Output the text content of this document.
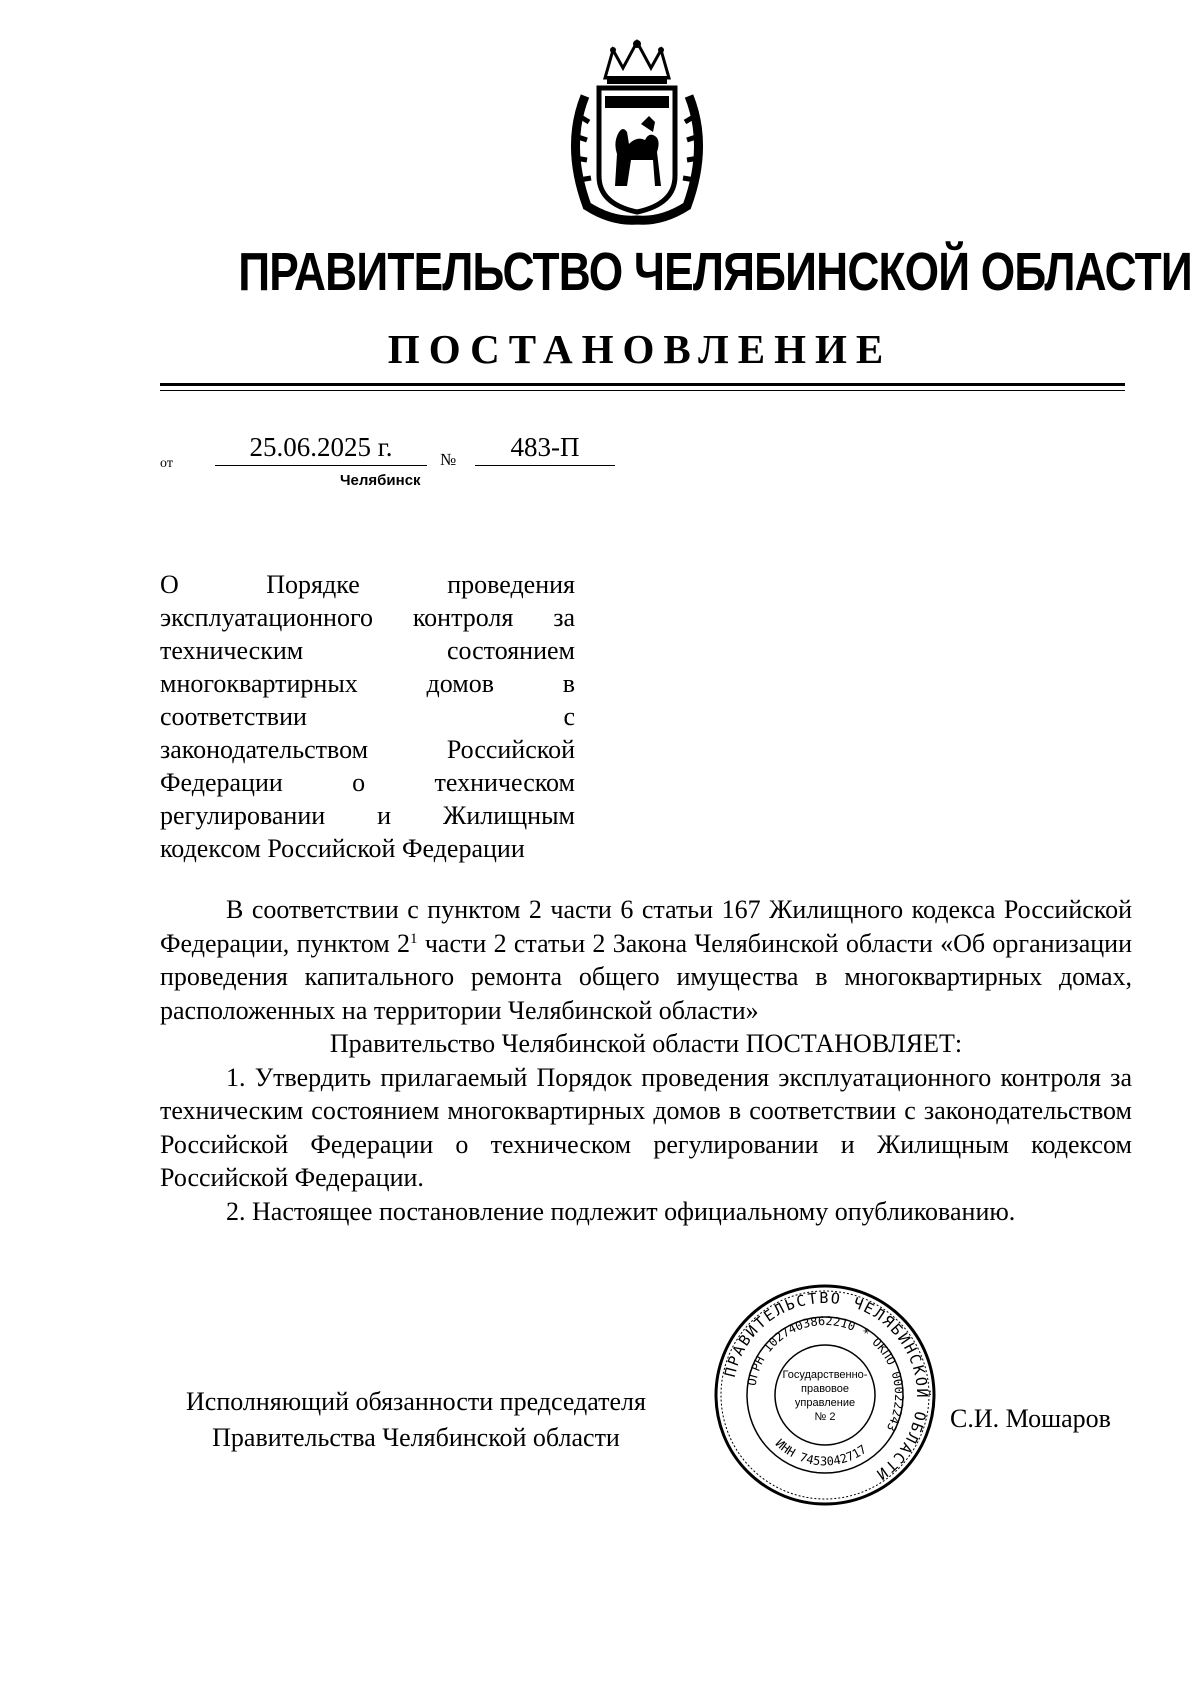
ПРАВИТЕЛЬСТВО ЧЕЛЯБИНСКОЙ ОБЛАСТИ
ПОСТАНОВЛЕНИЕ
от
25.06.2025 г.	№	483-П
Челябинск
О Порядке проведения
эксплуатационного контроля за
техническим состоянием
многоквартирных домов в
соответствии с
законодательством Российской
Федерации о техническом
регулировании и Жилищным
кодексом Российской Федерации

В соответствии с пунктом 2 части 6 статьи 167 Жилищного кодекса Российской Федерации, пунктом $2^1$ части 2 статьи 2 Закона Челябинской области «Об организации проведения капитального ремонта общего имущества в многоквартирных домах, расположенных на территории Челябинской области»

Правительство Челябинской области ПОСТАНОВЛЯЕТ:

1. Утвердить прилагаемый Порядок проведения эксплуатационного контроля за техническим состоянием многоквартирных домов в соответствии с законодательством Российской Федерации о техническом регулировании и Жилищным кодексом Российской Федерации.

2. Настоящее постановление подлежит официальному опубликованию.

Исполняющий обязанности председателя
Правительства Челябинской области
ПРАВИТЕЛЬСТВО ЧЕЛЯБИНСКОЙ ОБЛАСТИ
ОГРН 1027403862210 * ОКПО 00022243
ИНН 7453042717
Государственно-
правовое
управление
№ 2	С.И. Мошаров
